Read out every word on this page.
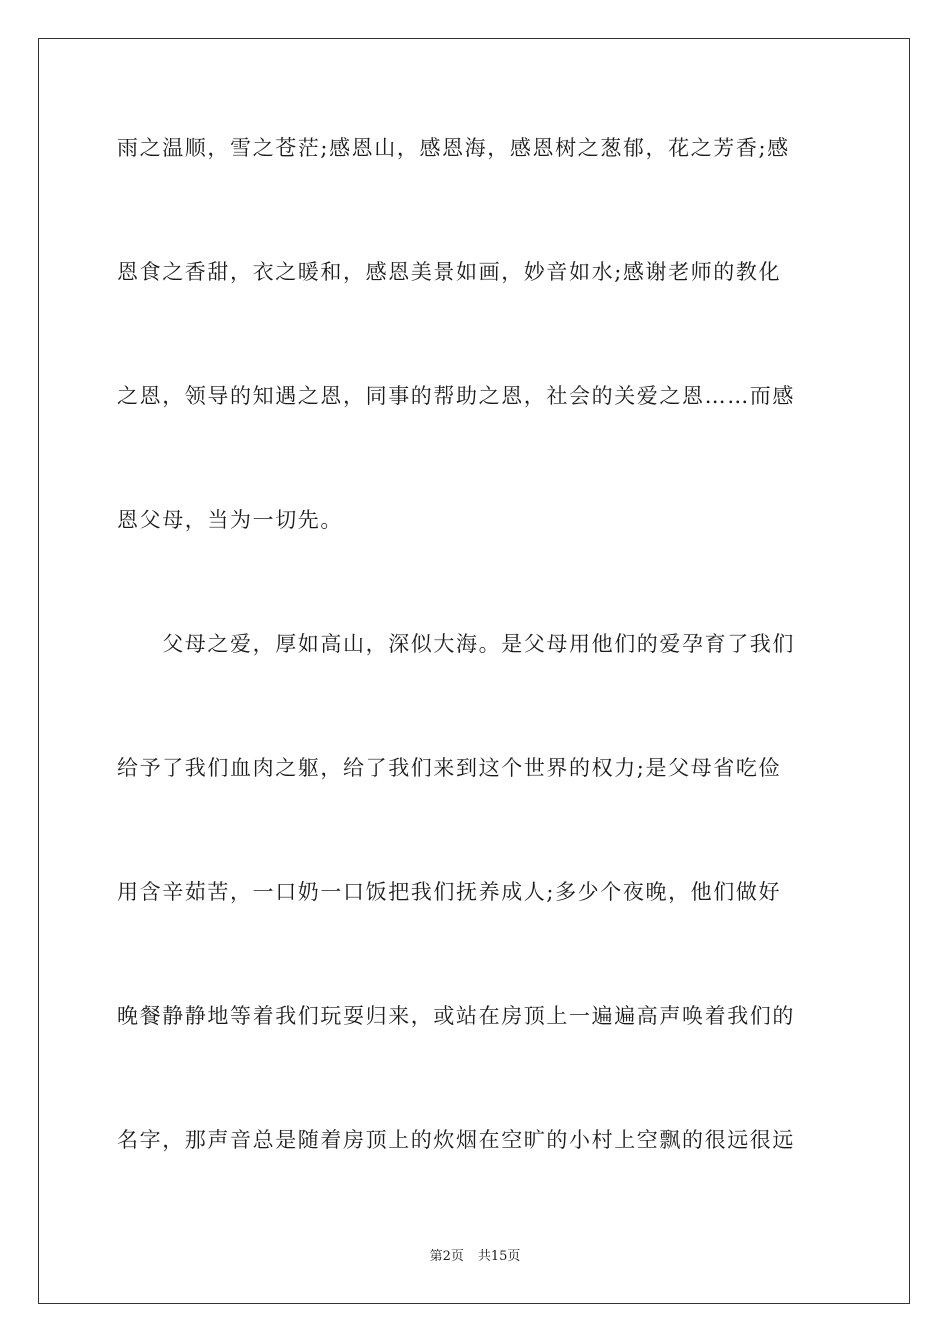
雨之温顺，雪之苍茫;感恩山，感恩海，感恩树之葱郁，花之芳香;感
恩食之香甜，衣之暖和，感恩美景如画，妙音如水;感谢老师的教化
之恩，领导的知遇之恩，同事的帮助之恩，社会的关爱之恩……而感
恩父母，当为一切先。
　　父母之爱，厚如高山，深似大海。是父母用他们的爱孕育了我们
给予了我们血肉之躯，给了我们来到这个世界的权力;是父母省吃俭
用含辛茹苦，一口奶一口饭把我们抚养成人;多少个夜晚，他们做好
晚餐静静地等着我们玩耍归来，或站在房顶上一遍遍高声唤着我们的
名字，那声音总是随着房顶上的炊烟在空旷的小村上空飘的很远很远
第2页 共15页
